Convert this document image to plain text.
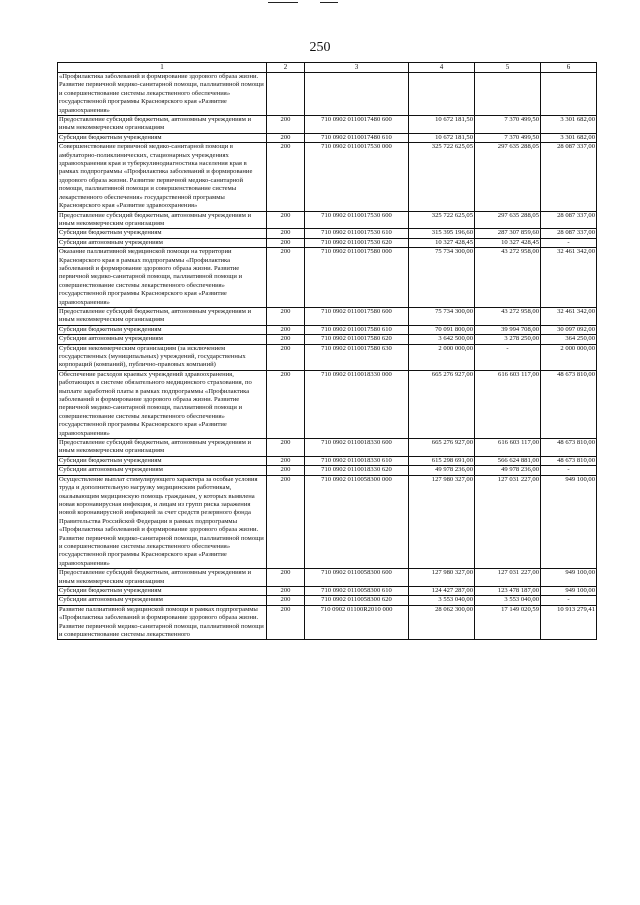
250
1	2	3	4	5	6
«Профилактика заболеваний и формирование здорового образа жизни. Развитие первичной медико-санитарной помощи, паллиативной помощи и совершенствование системы лекарственного обеспечения» государственной программы Красноярского края «Развитие здравоохранения»					
Предоставление субсидий бюджетным, автономным учреждениям и иным некоммерческим организациям	200	710 0902 0110017480 600	10 672 181,50	7 370 499,50	3 301 682,00
Субсидии бюджетным учреждениям	200	710 0902 0110017480 610	10 672 181,50	7 370 499,50	3 301 682,00
Совершенствование первичной медико-санитарной помощи в амбулаторно-поликлинических, стационарных учреждениях здравоохранения края и туберкулинодиагностика населения края в рамках подпрограммы «Профилактика заболеваний и формирование здорового образа жизни. Развитие первичной медико-санитарной помощи, паллиативной помощи и совершенствование системы лекарственного обеспечения» государственной программы Красноярского края «Развитие здравоохранения»	200	710 0902 0110017530 000	325 722 625,05	297 635 288,05	28 087 337,00
Предоставление субсидий бюджетным, автономным учреждениям и иным некоммерческим организациям	200	710 0902 0110017530 600	325 722 625,05	297 635 288,05	28 087 337,00
Субсидии бюджетным учреждениям	200	710 0902 0110017530 610	315 395 196,60	287 307 859,60	28 087 337,00
Субсидии автономным учреждениям	200	710 0902 0110017530 620	10 327 428,45	10 327 428,45	-
Оказание паллиативной медицинской помощи на территории Красноярского края в рамках подпрограммы «Профилактика заболеваний и формирование здорового образа жизни. Развитие первичной медико-санитарной помощи, паллиативной помощи и совершенствование системы лекарственного обеспечения» государственной программы Красноярского края «Развитие здравоохранения»	200	710 0902 0110017580 000	75 734 300,00	43 272 958,00	32 461 342,00
Предоставление субсидий бюджетным, автономным учреждениям и иным некоммерческим организациям	200	710 0902 0110017580 600	75 734 300,00	43 272 958,00	32 461 342,00
Субсидии бюджетным учреждениям	200	710 0902 0110017580 610	70 091 800,00	39 994 708,00	30 097 092,00
Субсидии автономным учреждениям	200	710 0902 0110017580 620	3 642 500,00	3 278 250,00	364 250,00
Субсидии некоммерческим организациям (за исключением государственных (муниципальных) учреждений, государственных корпораций (компаний), публично-правовых компаний)	200	710 0902 0110017580 630	2 000 000,00	-	2 000 000,00
Обеспечение расходов краевых учреждений здравоохранения, работающих в системе обязательного медицинского страхования, по выплате заработной платы в рамках подпрограммы «Профилактика заболеваний и формирование здорового образа жизни. Развитие первичной медико-санитарной помощи, паллиативной помощи и совершенствование системы лекарственного обеспечения» государственной программы Красноярского края «Развитие здравоохранения»	200	710 0902 0110018330 000	665 276 927,00	616 603 117,00	48 673 810,00
Предоставление субсидий бюджетным, автономным учреждениям и иным некоммерческим организациям	200	710 0902 0110018330 600	665 276 927,00	616 603 117,00	48 673 810,00
Субсидии бюджетным учреждениям	200	710 0902 0110018330 610	615 298 691,00	566 624 881,00	48 673 810,00
Субсидии автономным учреждениям	200	710 0902 0110018330 620	49 978 236,00	49 978 236,00	-
Осуществление выплат стимулирующего характера за особые условия труда и дополнительную нагрузку медицинским работникам, оказывающим медицинскую помощь гражданам, у которых выявлена новая коронавирусная инфекция, и лицам из групп риска заражения новой коронавирусной инфекцией за счет средств резервного фонда Правительства Российской Федерации в рамках подпрограммы «Профилактика заболеваний и формирование здорового образа жизни. Развитие первичной медико-санитарной помощи, паллиативной помощи и совершенствование системы лекарственного обеспечения» государственной программы Красноярского края «Развитие здравоохранения»	200	710 0902 0110058300 000	127 980 327,00	127 031 227,00	949 100,00
Предоставление субсидий бюджетным, автономным учреждениям и иным некоммерческим организациям	200	710 0902 0110058300 600	127 980 327,00	127 031 227,00	949 100,00
Субсидии бюджетным учреждениям	200	710 0902 0110058300 610	124 427 287,00	123 478 187,00	949 100,00
Субсидии автономным учреждениям	200	710 0902 0110058300 620	3 553 040,00	3 553 040,00	-
Развитие паллиативной медицинской помощи в рамках подпрограммы «Профилактика заболеваний и формирование здорового образа жизни. Развитие первичной медико-санитарной помощи, паллиативной помощи и совершенствование системы лекарственного	200	710 0902 01100R2010 000	28 062 300,00	17 149 020,59	10 913 279,41
